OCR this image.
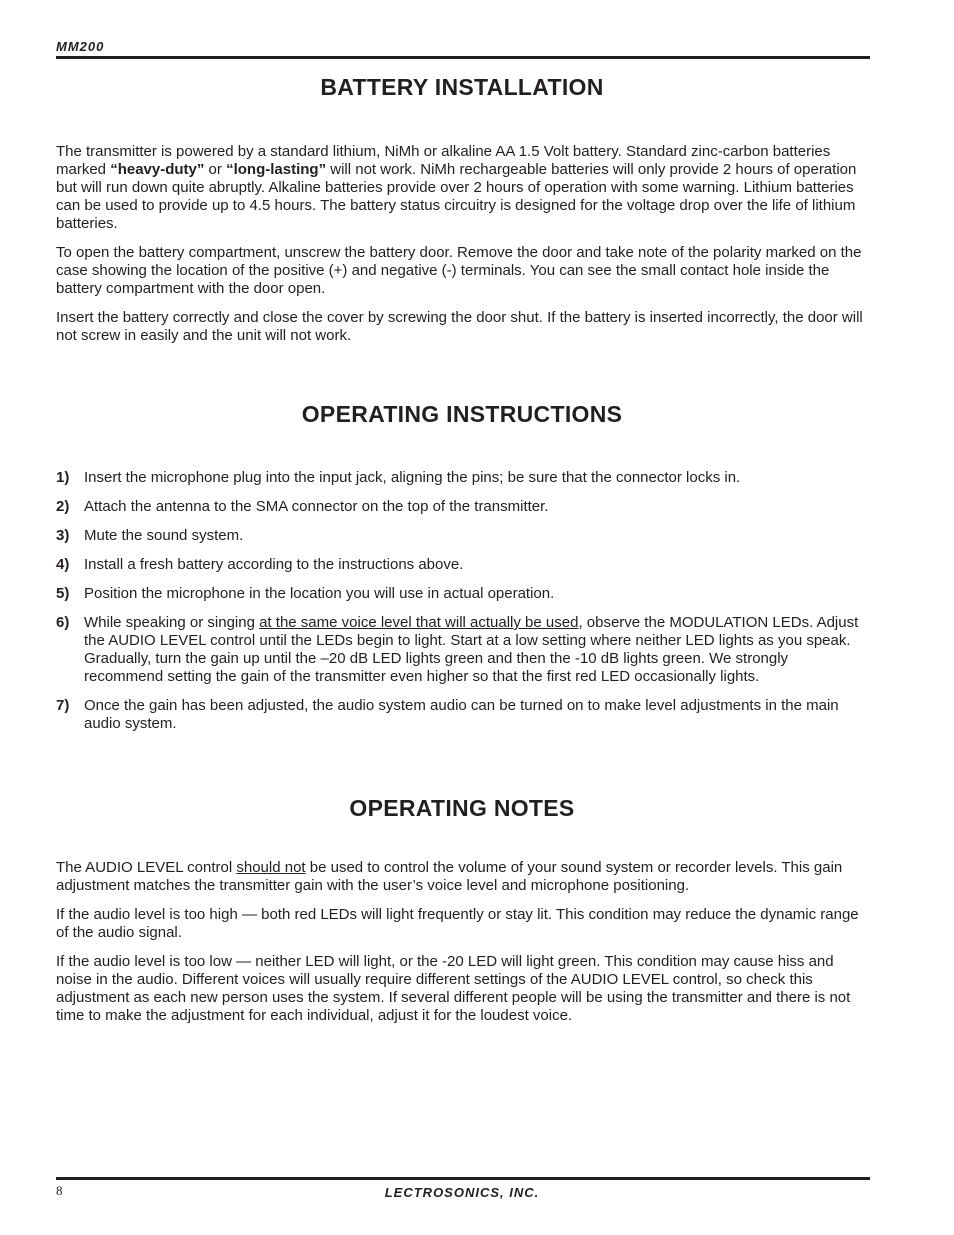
MM200
BATTERY INSTALLATION

The transmitter is powered by a standard lithium, NiMh or alkaline AA 1.5 Volt battery. Standard zinc-carbon batteries marked “heavy-duty” or “long-lasting” will not work. NiMh rechargeable batteries will only provide 2 hours of operation but will run down quite abruptly. Alkaline batteries provide over 2 hours of operation with some warning. Lithium batteries can be used to provide up to 4.5 hours. The battery status circuitry is designed for the voltage drop over the life of lithium batteries.

To open the battery compartment, unscrew the battery door. Remove the door and take note of the polarity marked on the case showing the location of the positive (+) and negative (-) terminals. You can see the small contact hole inside the battery compartment with the door open.

Insert the battery correctly and close the cover by screwing the door shut. If the battery is inserted incorrectly, the door will not screw in easily and the unit will not work.

OPERATING INSTRUCTIONS
1) Insert the microphone plug into the input jack, aligning the pins; be sure that the connector locks in.
2) Attach the antenna to the SMA connector on the top of the transmitter.
3) Mute the sound system.
4) Install a fresh battery according to the instructions above.
5) Position the microphone in the location you will use in actual operation.
6) While speaking or singing at the same voice level that will actually be used, observe the MODULATION LEDs. Adjust the AUDIO LEVEL control until the LEDs begin to light. Start at a low setting where neither LED lights as you speak. Gradually, turn the gain up until the –20 dB LED lights green and then the -10 dB lights green. We strongly recommend setting the gain of the transmitter even higher so that the first red LED occasionally lights.
7) Once the gain has been adjusted, the audio system audio can be turned on to make level adjustments in the main audio system.
OPERATING NOTES

The AUDIO LEVEL control should not be used to control the volume of your sound system or recorder levels. This gain adjustment matches the transmitter gain with the user’s voice level and microphone positioning.

If the audio level is too high — both red LEDs will light frequently or stay lit. This condition may reduce the dynamic range of the audio signal.

If the audio level is too low — neither LED will light, or the -20 LED will light green. This condition may cause hiss and noise in the audio. Different voices will usually require different settings of the AUDIO LEVEL control, so check this adjustment as each new person uses the system. If several different people will be using the transmitter and there is not time to make the adjustment for each individual, adjust it for the loudest voice.

8	LECTROSONICS, INC.
